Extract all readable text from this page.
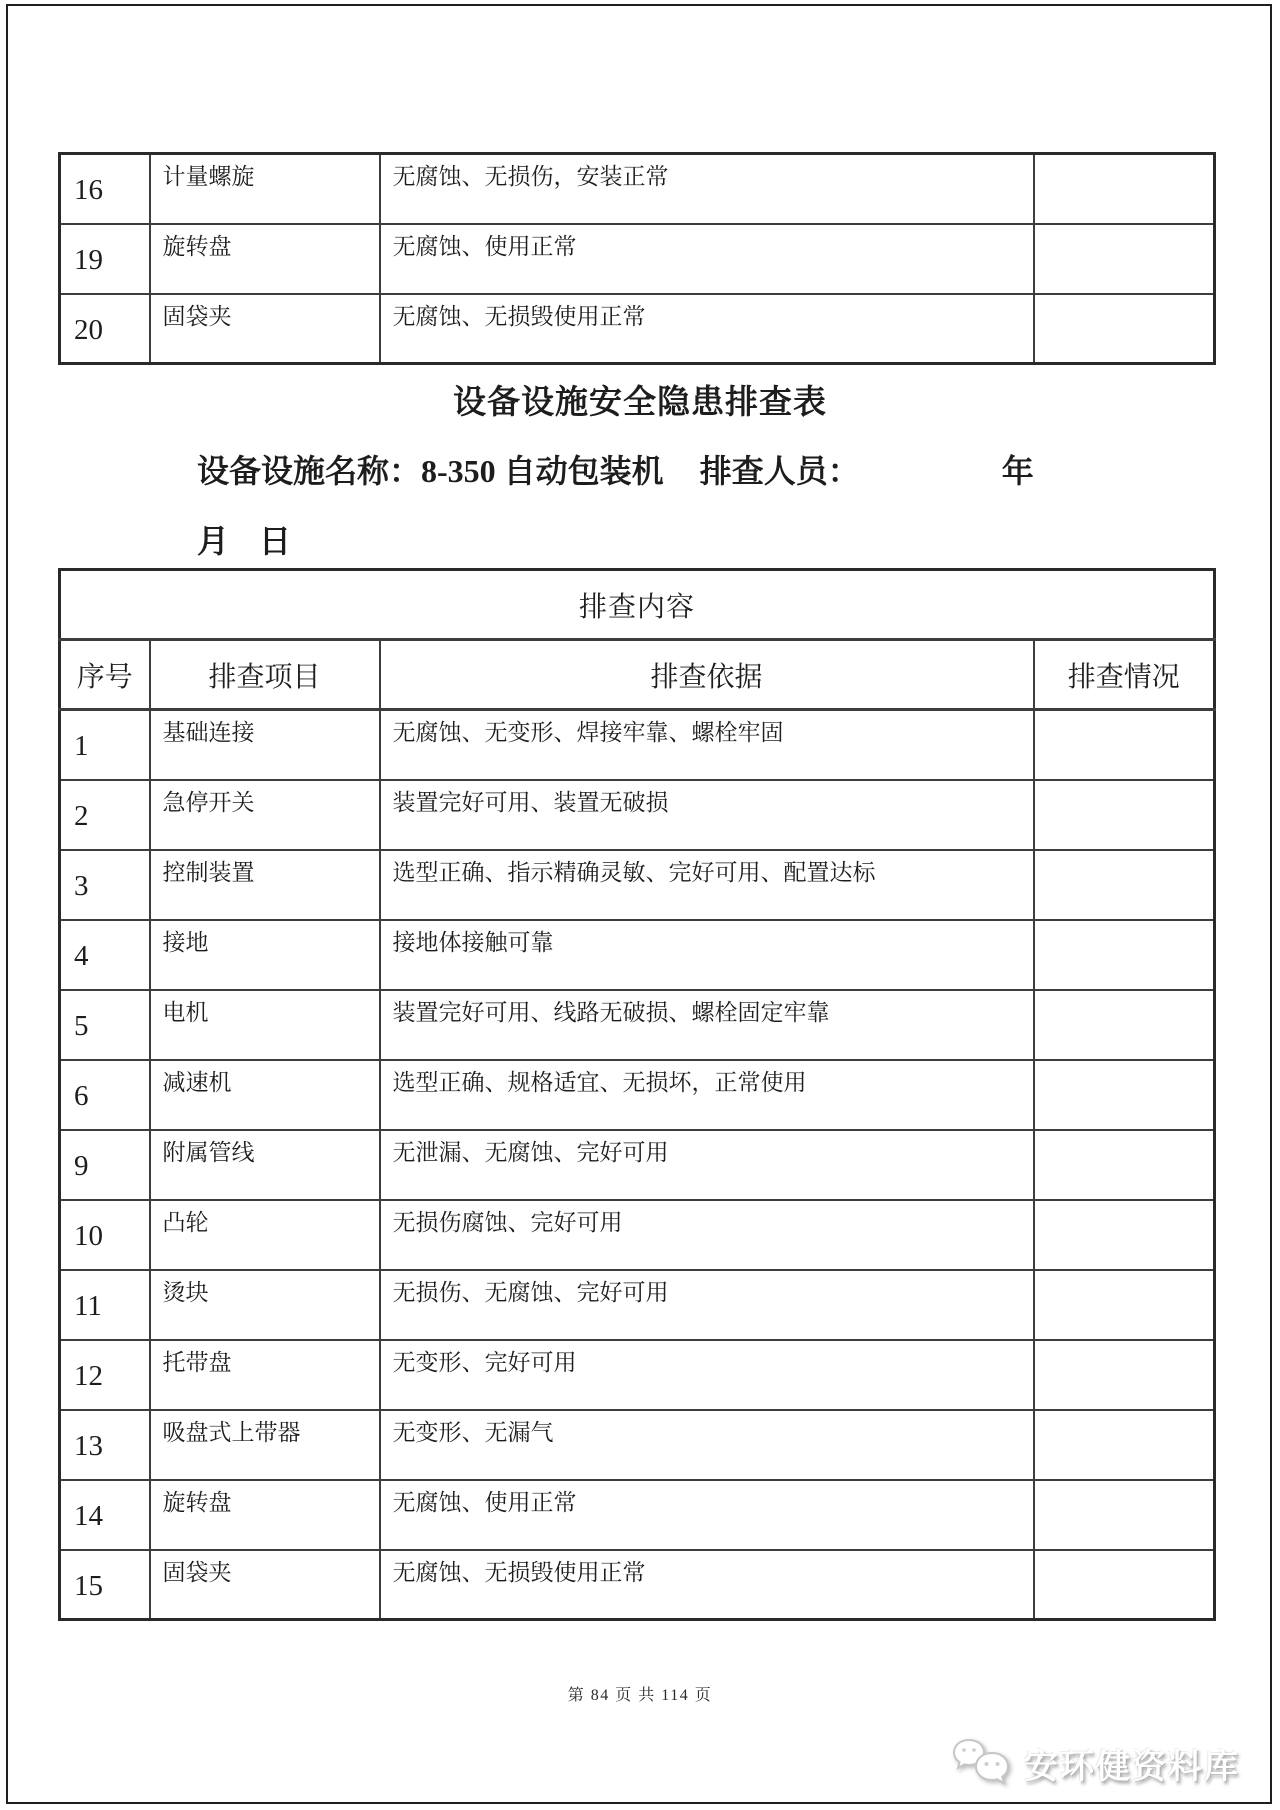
16	计量螺旋	无腐蚀、无损伤，安装正常	
19	旋转盘	无腐蚀、使用正常	
20	固袋夹	无腐蚀、无损毁使用正常	
设备设施安全隐患排查表
设备设施名称：8-350 自动包装机 排查人员：	年
月 日
排查内容			
序号	排查项目	排查依据	排查情况
1	基础连接	无腐蚀、无变形、焊接牢靠、螺栓牢固	
2	急停开关	装置完好可用、装置无破损	
3	控制装置	选型正确、指示精确灵敏、完好可用、配置达标	
4	接地	接地体接触可靠	
5	电机	装置完好可用、线路无破损、螺栓固定牢靠	
6	减速机	选型正确、规格适宜、无损坏，正常使用	
9	附属管线	无泄漏、无腐蚀、完好可用	
10	凸轮	无损伤腐蚀、完好可用	
11	烫块	无损伤、无腐蚀、完好可用	
12	托带盘	无变形、完好可用	
13	吸盘式上带器	无变形、无漏气	
14	旋转盘	无腐蚀、使用正常	
15	固袋夹	无腐蚀、无损毁使用正常	
第 84 页 共 114 页
安环健资料库
